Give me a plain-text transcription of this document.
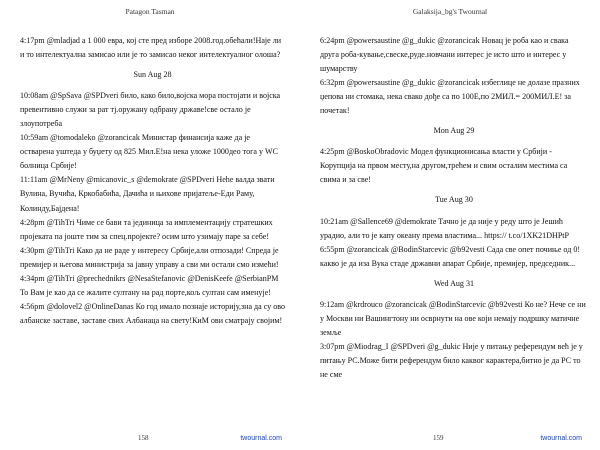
Patagon Tasman
4:17pm @mladjad a 1 000 евра, кој сте пред изборе 2008.год.обећали!Наје ли и то интелектуална замисао или је то замисао неког интелектуалног олоша?
Sun Aug 28
10:08am @SpSava @SPDveri било, како било,војска мора постојати и војска превентивно служи за рат тј.оружану одбрану државе!све остало је злоупотреба
10:59am @tomodaleko @zorancicak Министар финансија каже да је остварена уштеда у буџету од 825 Мил.Е!на нека уложе 1000део тога у WC болница Србије!
11:11am @MrNeny @micanovic_s @demokrate @SPDveri Hehe валда звати Вулина, Вучића, Кркобабића, Дачића и њихове пријатеље-Еди Раму, Колинду,Бајдена!
4:28pm @TihTri Чиме се бави та јединица за имплементацију стратешких пројеката па јоште тим за спец.пројекте? осим што узимају паре за себе!
4:30pm @TihTri Како да не раде у интересу Србије,али отпозади! Спреда је премијер и његова министрија за јавну управу а сви ми остали смо измећи!
4:34pm @TihTri @prechednikrs @NesaStefanovic @DenisKeefe @SerbianPM То Вам је као да се жалите султану на рад порте,кољ султан сам именује!
4:56pm @dolovel2 @OnlineDanas Ко год имало познаје историју,зна да су ово албанске заставе, заставе свих Албанаца на свету!КиМ ови сматрају својим!
158	twournal.com
Galaksija_bg's Twournal
6:24pm @powersaustine @g_dukic @zorancicak Новац је роба као и свака друга роба-кување,свеске,руде.новчани интерес је исто што и интерес у шумарству
6:32pm @powersaustine @g_dukic @zorancicak избеглице не долазе празних џепова ни стомака, нека свако дође са по 100Е,по 2МИЛ.= 200МИЛ.Е! за почетак!
Mon Aug 29
4:25pm @BoskoObradovic Модел функционисања власти у Србији - Корупција на првом месту,на другом,трећем и свим осталим местима са свима и за све!
Tue Aug 30
10:21am @Sallence69 @demokrate Тачно је да није у реду што је Јешић урадио, али то је капу океану према властима... https:// t.co/1XK21DHPtP
6:55pm @zorancicak @BodinStarcevic @b92vesti Сада све опет почиње од 0! какво је да иза Вука стаде државни апарат Србије, премијер, председник...
Wed Aug 31
9:12am @krdrouco @zorancicak @BodinStarcevic @b92vesti Ко не? Нече се ни у Москви ни Вашингтону ни осврнути на ове који немају подршку матичне земље
3:07pm @Miodrag_I @SPDveri @g_dukic Није у питању референдум већ је у питању РС.Може бити референдум било каквог карактера,битно је да РС то не сме
159	twournal.com
